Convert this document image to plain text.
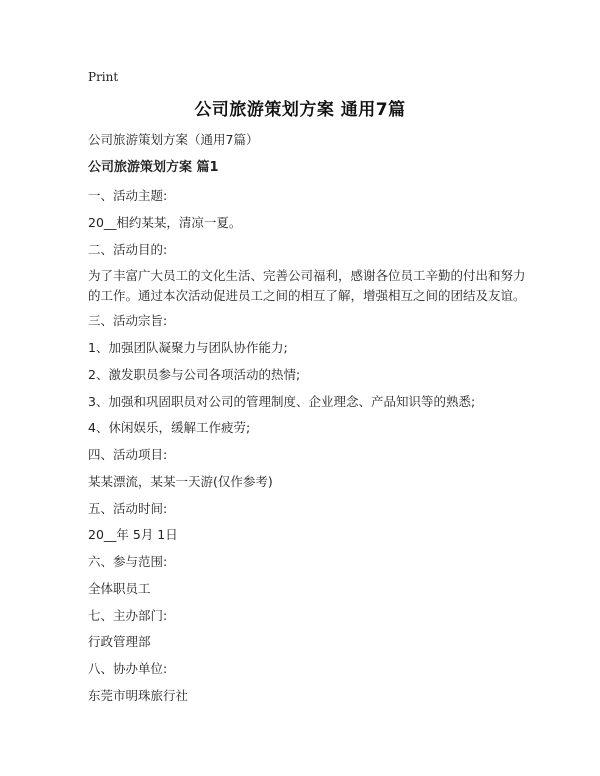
Print
公司旅游策划方案 通用7篇
公司旅游策划方案（通用7篇）
公司旅游策划方案 篇1
一、活动主题:
20__相约某某，清凉一夏。
二、活动目的:
为了丰富广大员工的文化生活、完善公司福利，感谢各位员工辛勤的付出和努力的工作。通过本次活动促进员工之间的相互了解，增强相互之间的团结及友谊。
三、活动宗旨:
1、加强团队凝聚力与团队协作能力;
2、激发职员参与公司各项活动的热情;
3、加强和巩固职员对公司的管理制度、企业理念、产品知识等的熟悉;
4、休闲娱乐，缓解工作疲劳;
四、活动项目:
某某漂流，某某一天游(仅作参考)
五、活动时间:
20__年 5月 1日
六、参与范围:
全体职员工
七、主办部门:
行政管理部
八、协办单位:
东莞市明珠旅行社
